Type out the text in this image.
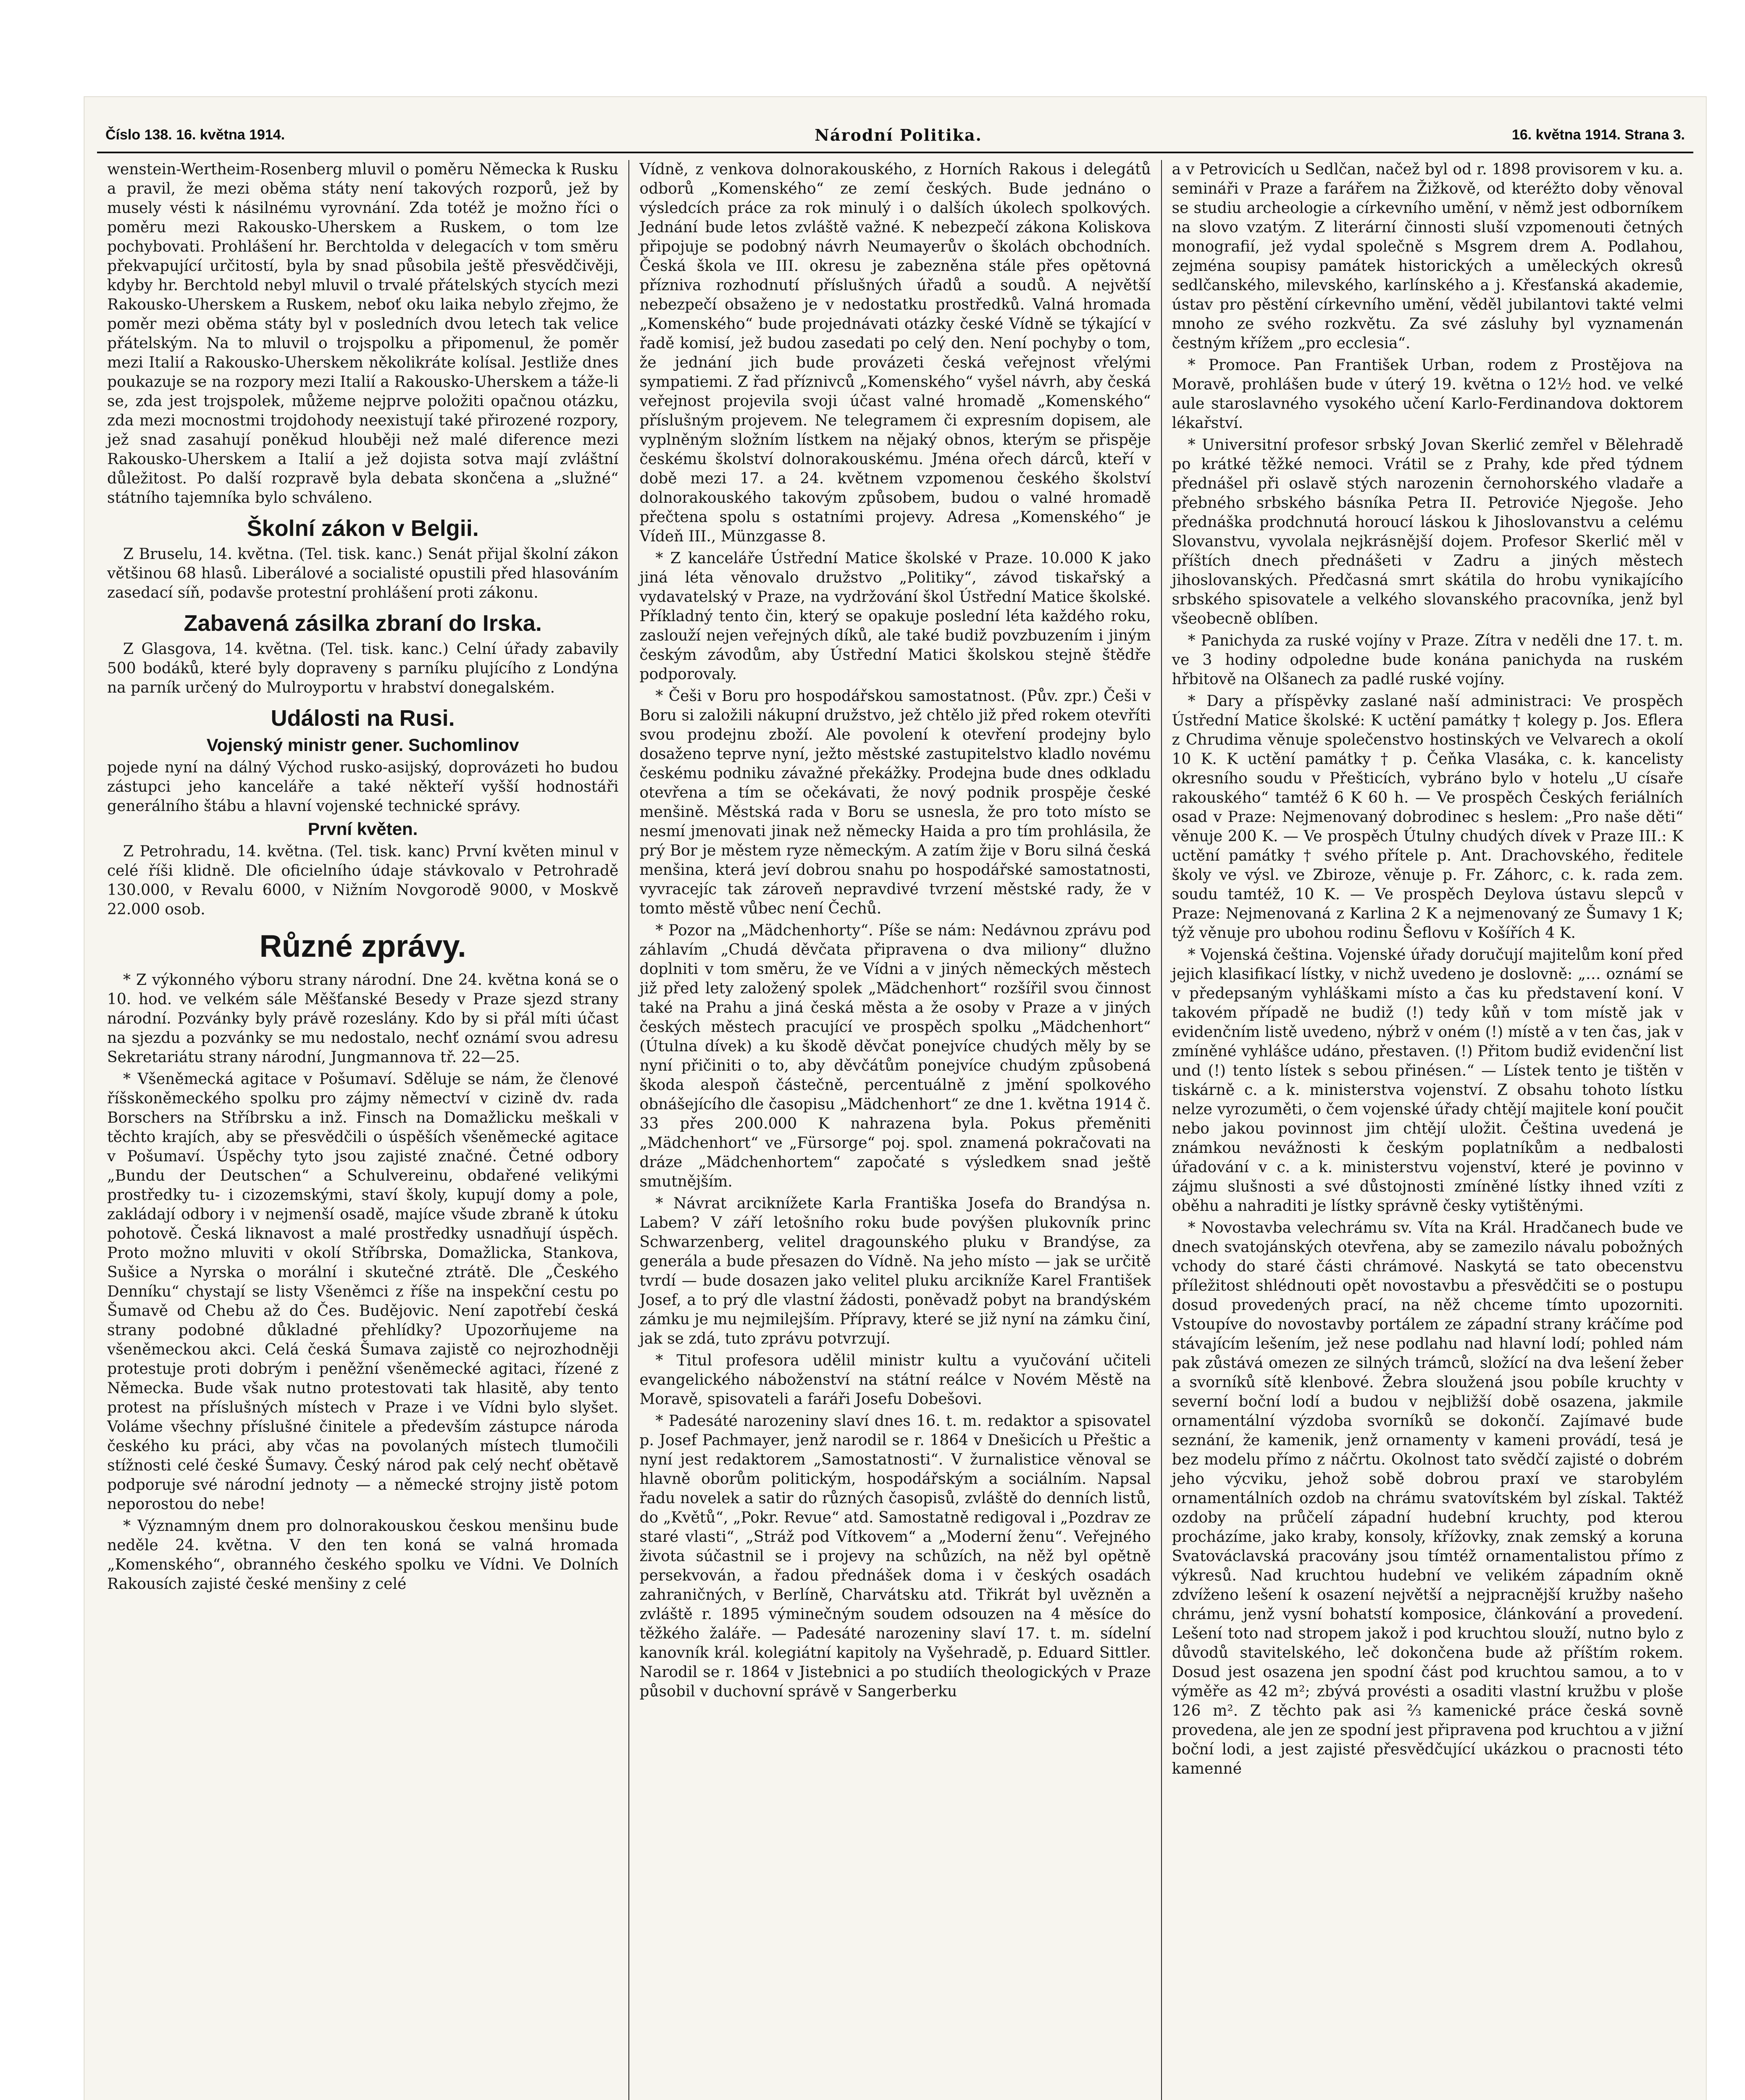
Číslo 138. 16. května 1914.	Národní Politika.	16. května 1914. Strana 3.

wenstein-Wertheim-Rosenberg mluvil o poměru Německa k Rusku a pravil, že mezi oběma státy není takových rozporů, jež by musely vésti k násilnému vyrovnání. Zda totéž je možno říci o poměru mezi Rakousko-Uherskem a Ruskem, o tom lze pochybovati. Prohlášení hr. Berchtolda v delegacích v tom směru překvapující určitostí, byla by snad působila ještě přesvědčivěji, kdyby hr. Berchtold nebyl mluvil o trvalé přátelských stycích mezi Rakousko-Uherskem a Ruskem, neboť oku laika nebylo zřejmo, že poměr mezi oběma státy byl v posledních dvou letech tak velice přátelským. Na to mluvil o trojspolku a připomenul, že poměr mezi Italií a Rakousko-Uherskem několikráte kolísal. Jestliže dnes poukazuje se na rozpory mezi Italií a Rakousko-Uherskem a táže-li se, zda jest trojspolek, můžeme nejprve položiti opačnou otázku, zda mezi mocnostmi trojdohody neexistují také přirozené rozpory, jež snad zasahují poněkud hlouběji než malé diference mezi Rakousko-Uherskem a Italií a jež dojista sotva mají zvláštní důležitost. Po další rozpravě byla debata skončena a „služné“ státního tajemníka bylo schváleno.

Školní zákon v Belgii.

Z Bruselu, 14. května. (Tel. tisk. kanc.) Senát přijal školní zákon většinou 68 hlasů. Liberálové a socialisté opustili před hlasováním zasedací síň, podavše protestní prohlášení proti zákonu.

Zabavená zásilka zbraní do Irska.

Z Glasgova, 14. května. (Tel. tisk. kanc.) Celní úřady zabavily 500 bodáků, které byly dopraveny s parníku plujícího z Londýna na parník určený do Mulroyportu v hrabství donegalském.

Události na Rusi.
Vojenský ministr gener. Suchomlinov

pojede nyní na dálný Východ rusko-asijský, doprovázeti ho budou zástupci jeho kanceláře a také někteří vyšší hodnostáři generálního štábu a hlavní vojenské technické správy.

První květen.

Z Petrohradu, 14. května. (Tel. tisk. kanc) První květen minul v celé říši klidně. Dle oficielního údaje stávkovalo v Petrohradě 130.000, v Revalu 6000, v Nižním Novgorodě 9000, v Moskvě 22.000 osob.

Různé zprávy.

* Z výkonného výboru strany národní. Dne 24. května koná se o 10. hod. ve velkém sále Měšťanské Besedy v Praze sjezd strany národní. Pozvánky byly právě rozeslány. Kdo by si přál míti účast na sjezdu a pozvánky se mu nedostalo, nechť oznámí svou adresu Sekretariátu strany národní, Jungmannova tř. 22—25.

* Všeněmecká agitace v Pošumaví. Sděluje se nám, že členové říšskoněmeckého spolku pro zájmy němectví v cizině dv. rada Borschers na Stříbrsku a inž. Finsch na Domažlicku meškali v těchto krajích, aby se přesvědčili o úspěších všeněmecké agitace v Pošumaví. Úspěchy tyto jsou zajisté značné. Četné odbory „Bundu der Deutschen“ a Schulvereinu, obdařené velikými prostředky tu- i cizozemskými, staví školy, kupují domy a pole, zakládají odbory i v nejmenší osadě, majíce všude zbraně k útoku pohotově. Česká liknavost a malé prostředky usnadňují úspěch. Proto možno mluviti v okolí Stříbrska, Domažlicka, Stankova, Sušice a Nyrska o morální i skutečné ztrátě. Dle „Českého Denníku“ chystají se listy Všeněmci z říše na inspekční cestu po Šumavě od Chebu až do Čes. Budějovic. Není zapotřebí česká strany podobné důkladné přehlídky? Upozorňujeme na všeněmeckou akci. Celá česká Šumava zajistě co nejrozhodněji protestuje proti dobrým i peněžní všeněmecké agitaci, řízené z Německa. Bude však nutno protestovati tak hlasitě, aby tento protest na příslušných místech v Praze i ve Vídni bylo slyšet. Voláme všechny příslušné činitele a především zástupce národa českého ku práci, aby včas na povolaných místech tlumočili stížnosti celé české Šumavy. Český národ pak celý nechť obětavě podporuje své národní jednoty — a německé strojny jistě potom neporostou do nebe!

* Významným dnem pro dolnorakouskou českou menšinu bude neděle 24. května. V den ten koná se valná hromada „Komenského“, obranného českého spolku ve Vídni. Ve Dolních Rakousích zajisté české menšiny z celé

Vídně, z venkova dolnorakouského, z Horních Rakous i delegátů odborů „Komenského“ ze zemí českých. Bude jednáno o výsledcích práce za rok minulý i o dalších úkolech spolkových. Jednání bude letos zvláště važné. K nebezpečí zákona Koliskova připojuje se podobný návrh Neumayerův o školách obchodních. Česká škola ve III. okresu je zabezněna stále přes opětovná přízniva rozhodnutí příslušných úřadů a soudů. A největší nebezpečí obsaženo je v nedostatku prostředků. Valná hromada „Komenského“ bude projednávati otázky české Vídně se týkající v řadě komisí, jež budou zasedati po celý den. Není pochyby o tom, že jednání jich bude provázeti česká veřejnost vřelými sympatiemi. Z řad příznivců „Komenského“ vyšel návrh, aby česká veřejnost projevila svoji účast valné hromadě „Komenského“ příslušným projevem. Ne telegramem či expresním dopisem, ale vyplněným složním lístkem na nějaký obnos, kterým se přispěje českému školství dolnorakouskému. Jména ořech dárců, kteří v době mezi 17. a 24. květnem vzpomenou českého školství dolnorakouského takovým způsobem, budou o valné hromadě přečtena spolu s ostatními projevy. Adresa „Komenského“ je Vídeň III., Münzgasse 8.

* Z kanceláře Ústřední Matice školské v Praze. 10.000 K jako jiná léta věnovalo družstvo „Politiky“, závod tiskařský a vydavatelský v Praze, na vydržování škol Ústřední Matice školské. Příkladný tento čin, který se opakuje poslední léta každého roku, zaslouží nejen veřejných díků, ale také budiž povzbuzením i jiným českým závodům, aby Ústřední Matici školskou stejně štědře podporovaly.

* Češi v Boru pro hospodářskou samostatnost. (Pův. zpr.) Češi v Boru si založili nákupní družstvo, jež chtělo již před rokem otevříti svou prodejnu zboží. Ale povolení k otevření prodejny bylo dosaženo teprve nyní, ježto městské zastupitelstvo kladlo novému českému podniku závažné překážky. Prodejna bude dnes odkladu otevřena a tím se očekávati, že nový podnik prospěje české menšině. Městská rada v Boru se usnesla, že pro toto místo se nesmí jmenovati jinak než německy Haida a pro tím prohlásila, že prý Bor je městem ryze německým. A zatím žije v Boru silná česká menšina, která jeví dobrou snahu po hospodářské samostatnosti, vyvracejíc tak zároveň nepravdivé tvrzení městské rady, že v tomto městě vůbec není Čechů.

* Pozor na „Mädchenhorty“. Píše se nám: Nedávnou zprávu pod záhlavím „Chudá děvčata připravena o dva miliony“ dlužno doplniti v tom směru, že ve Vídni a v jiných německých městech již před lety založený spolek „Mädchenhort“ rozšířil svou činnost také na Prahu a jiná česká města a že osoby v Praze a v jiných českých městech pracující ve prospěch spolku „Mädchenhort“ (Útulna dívek) a ku škodě děvčat ponejvíce chudých měly by se nyní přičiniti o to, aby děvčátům ponejvíce chudým způsobená škoda alespoň částečně, percentuálně z jmění spolkového obnášejícího dle časopisu „Mädchenhort“ ze dne 1. května 1914 č. 33 přes 200.000 K nahrazena byla. Pokus přeměniti „Mädchenhort“ ve „Fürsorge“ poj. spol. znamená pokračovati na dráze „Mädchenhortem“ započaté s výsledkem snad ještě smutnějším.

* Návrat arciknížete Karla Františka Josefa do Brandýsa n. Labem? V září letošního roku bude povýšen plukovník princ Schwarzenberg, velitel dragounského pluku v Brandýse, za generála a bude přesazen do Vídně. Na jeho místo — jak se určitě tvrdí — bude dosazen jako velitel pluku arcikníže Karel František Josef, a to prý dle vlastní žádosti, poněvadž pobyt na brandýském zámku je mu nejmilejším. Přípravy, které se již nyní na zámku činí, jak se zdá, tuto zprávu potvrzují.

* Titul profesora udělil ministr kultu a vyučování učiteli evangelického náboženství na státní reálce v Novém Městě na Moravě, spisovateli a faráři Josefu Dobešovi.

* Padesáté narozeniny slaví dnes 16. t. m. redaktor a spisovatel p. Josef Pachmayer, jenž narodil se r. 1864 v Dnešicích u Přeštic a nyní jest redaktorem „Samostatnosti“. V žurnalistice věnoval se hlavně oborům politickým, hospodářským a sociálním. Napsal řadu novelek a satir do různých časopisů, zvláště do denních listů, do „Květů“, „Pokr. Revue“ atd. Samostatně redigoval i „Pozdrav ze staré vlasti“, „Stráž pod Vítkovem“ a „Moderní ženu“. Veřejného života súčastnil se i projevy na schůzích, na něž byl opětně persekvován, a řadou přednášek doma i v českých osadách zahraničných, v Berlíně, Charvátsku atd. Třikrát byl uvězněn a zvláště r. 1895 výminečným soudem odsouzen na 4 měsíce do těžkého žaláře. — Padesáté narozeniny slaví 17. t. m. sídelní kanovník král. kolegiátní kapitoly na Vyšehradě, p. Eduard Sittler. Narodil se r. 1864 v Jistebnici a po studiích theologických v Praze působil v duchovní správě v Sangerberku

a v Petrovicích u Sedlčan, načež byl od r. 1898 provisorem v ku. a. semináři v Praze a farářem na Žižkově, od kteréžto doby věnoval se studiu archeologie a církevního umění, v němž jest odborníkem na slovo vzatým. Z literární činnosti sluší vzpomenouti četných monografií, jež vydal společně s Msgrem drem A. Podlahou, zejména soupisy památek historických a uměleckých okresů sedlčanského, milevského, karlínského a j. Křesťanská akademie, ústav pro pěstění církevního umění, věděl jubilantovi takté velmi mnoho ze svého rozkvětu. Za své zásluhy byl vyznamenán čestným křížem „pro ecclesia“.

* Promoce. Pan František Urban, rodem z Prostějova na Moravě, prohlášen bude v úterý 19. května o 12½ hod. ve velké aule staroslavného vysokého učení Karlo-Ferdinandova doktorem lékařství.

* Universitní profesor srbský Jovan Skerlić zemřel v Bělehradě po krátké těžké nemoci. Vrátil se z Prahy, kde před týdnem přednášel při oslavě stých narozenin černohorského vladaře a přebného srbského básníka Petra II. Petroviće Njegoše. Jeho přednáška prodchnutá horoucí láskou k Jihoslovanstvu a celému Slovanstvu, vyvolala nejkrásnější dojem. Profesor Skerlić měl v příštích dnech přednášeti v Zadru a jiných městech jihoslovanských. Předčasná smrt skátila do hrobu vynikajícího srbského spisovatele a velkého slovanského pracovníka, jenž byl všeobecně oblíben.

* Panichyda za ruské vojíny v Praze. Zítra v neděli dne 17. t. m. ve 3 hodiny odpoledne bude konána panichyda na ruském hřbitově na Olšanech za padlé ruské vojíny.

* Dary a příspěvky zaslané naší administraci: Ve prospěch Ústřední Matice školské: K uctění památky † kolegy p. Jos. Eflera z Chrudima věnuje společenstvo hostinských ve Velvarech a okolí 10 K. K uctění památky † p. Čeňka Vlasáka, c. k. kancelisty okresního soudu v Přešticích, vybráno bylo v hotelu „U císaře rakouského“ tamtéž 6 K 60 h. — Ve prospěch Českých feriálních osad v Praze: Nejmenovaný dobrodinec s heslem: „Pro naše děti“ věnuje 200 K. — Ve prospěch Útulny chudých dívek v Praze III.: K uctění památky † svého přítele p. Ant. Drachovského, ředitele školy ve výsl. ve Zbiroze, věnuje p. Fr. Záhorc, c. k. rada zem. soudu tamtéž, 10 K. — Ve prospěch Deylova ústavu slepců v Praze: Nejmenovaná z Karlina 2 K a nejmenovaný ze Šumavy 1 K; týž věnuje pro ubohou rodinu Šeflovu v Košířích 4 K.

* Vojenská čeština. Vojenské úřady doručují majitelům koní před jejich klasifikací lístky, v nichž uvedeno je doslovně: „… oznámí se v předepsaným vyhláškami místo a čas ku představení koní. V takovém případě ne budiž (!) tedy kůň v tom místě jak v evidenčním listě uvedeno, nýbrž v oném (!) místě a v ten čas, jak v zmíněné vyhlášce udáno, přestaven. (!) Přitom budiž evidenční list und (!) tento lístek s sebou přinésen.“ — Lístek tento je tištěn v tiskárně c. a k. ministerstva vojenství. Z obsahu tohoto lístku nelze vyrozuměti, o čem vojenské úřady chtějí majitele koní poučit nebo jakou povinnost jim chtějí uložit. Čeština uvedená je známkou nevážnosti k českým poplatníkům a nedbalosti úřadování v c. a k. ministerstvu vojenství, které je povinno v zájmu slušnosti a své důstojnosti zmíněné lístky ihned vzíti z oběhu a nahraditi je lístky správně česky vytištěnými.

* Novostavba velechrámu sv. Víta na Král. Hradčanech bude ve dnech svatojánských otevřena, aby se zamezilo návalu pobožných vchody do staré části chrámové. Naskytá se tato obecenstvu příležitost shlédnouti opět novostavbu a přesvědčiti se o postupu dosud provedených prací, na něž chceme tímto upozorniti. Vstoupíve do novostavby portálem ze západní strany kráčíme pod stávajícím lešením, jež nese podlahu nad hlavní lodí; pohled nám pak zůstává omezen ze silných trámců, složící na dva lešení žeber a svorníků sítě klenbové. Žebra sloužená jsou pobíle kruchty v severní boční lodí a budou v nejbližší době osazena, jakmile ornamentální výzdoba svorníků se dokončí. Zajímavé bude seznání, že kamenik, jenž ornamenty v kameni provádí, tesá je bez modelu přímo z náčrtu. Okolnost tato svědčí zajisté o dobrém jeho výcviku, jehož sobě dobrou praxí ve starobylém ornamentálních ozdob na chrámu svatovítském byl získal. Taktéž ozdoby na průčelí západní hudební kruchty, pod kterou procházíme, jako kraby, konsoly, křížovky, znak zemský a koruna Svatováclavská pracovány jsou tímtéž ornamentalistou přímo z výkresů. Nad kruchtou hudební ve velikém západním okně zdvíženo lešení k osazení největší a nejpracnější kružby našeho chrámu, jenž vysní bohatstí komposice, článkování a provedení. Lešení toto nad stropem jakož i pod kruchtou slouží, nutno bylo z důvodů stavitelského, leč dokončena bude až příštím rokem. Dosud jest osazena jen spodní část pod kruchtou samou, a to v výměře as 42 m²; zbývá provésti a osaditi vlastní kružbu v ploše 126 m². Z těchto pak asi ⅔ kamenické práce česká sovně provedena, ale jen ze spodní jest připravena pod kruchtou a v jižní boční lodi, a jest zajisté přesvědčující ukázkou o pracnosti této kamenné
